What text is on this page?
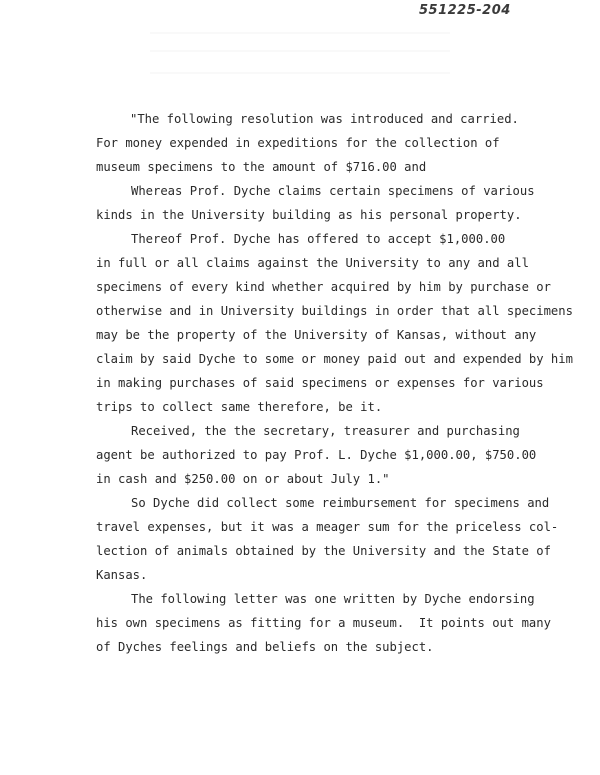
551225-204
"The following resolution was introduced and carried.
For money expended in expeditions for the collection of
museum specimens to the amount of $716.00 and
Whereas Prof. Dyche claims certain specimens of various
kinds in the University building as his personal property.
Thereof Prof. Dyche has offered to accept $1,000.00
in full or all claims against the University to any and all
specimens of every kind whether acquired by him by purchase or
otherwise and in University buildings in order that all specimens
may be the property of the University of Kansas, without any
claim by said Dyche to some or money paid out and expended by him
in making purchases of said specimens or expenses for various
trips to collect same therefore, be it.
Received, the the secretary, treasurer and purchasing
agent be authorized to pay Prof. L. Dyche $1,000.00, $750.00
in cash and $250.00 on or about July 1."
So Dyche did collect some reimbursement for specimens and
travel expenses, but it was a meager sum for the priceless col-
lection of animals obtained by the University and the State of
Kansas.
The following letter was one written by Dyche endorsing
his own specimens as fitting for a museum.  It points out many
of Dyches feelings and beliefs on the subject.
